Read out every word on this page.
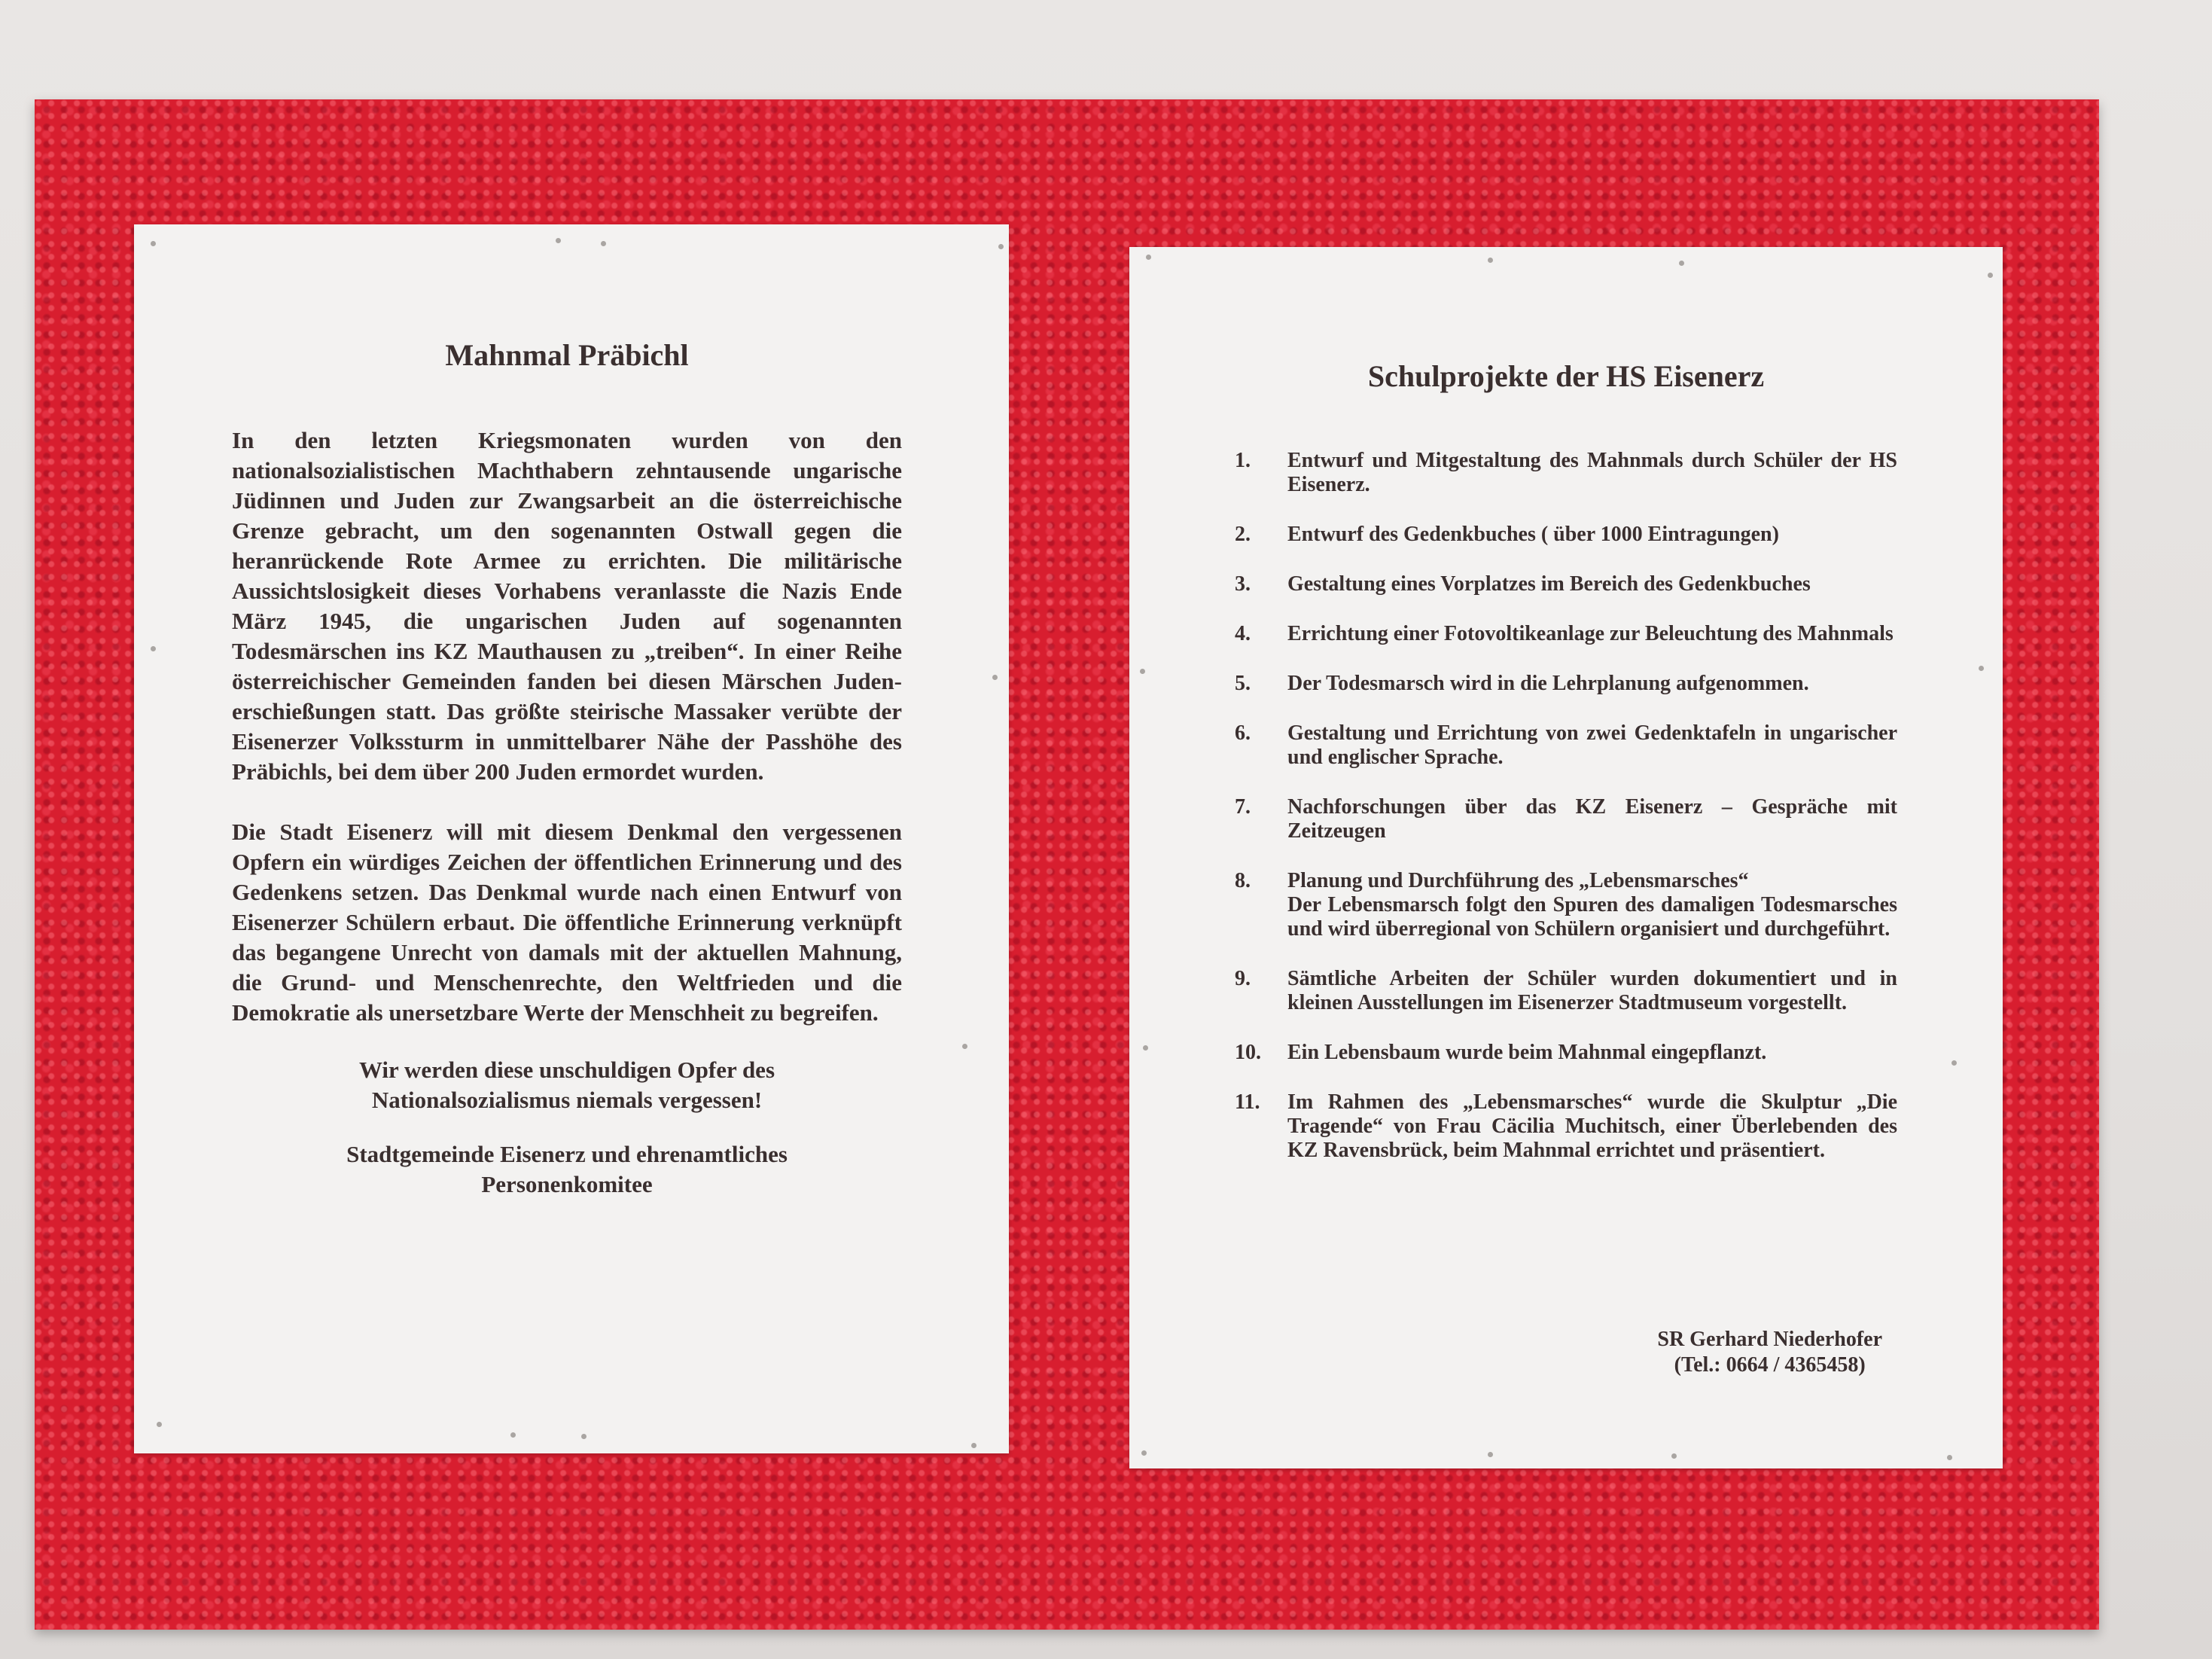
Mahnmal Präbichl

In den letzten Kriegsmonaten wurden von den nationalsozialistischen Machthabern zehntausende ungarische Jüdinnen und Juden zur Zwangsarbeit an die österreichische Grenze gebracht, um den sogenannten Ostwall gegen die heranrückende Rote Armee zu errichten. Die militärische Aussichtslosigkeit dieses Vorhabens veranlasste die Nazis Ende März 1945, die ungarischen Juden auf sogenannten Todesmärschen ins KZ Mauthausen zu „treiben“. In einer Reihe österreichischer Gemeinden fanden bei diesen Märschen Juden-erschießungen statt. Das größte steirische Massaker verübte der Eisenerzer Volkssturm in unmittelbarer Nähe der Passhöhe des Präbichls, bei dem über 200 Juden ermordet wurden.

Die Stadt Eisenerz will mit diesem Denkmal den vergessenen Opfern ein würdiges Zeichen der öffentlichen Erinnerung und des Gedenkens setzen. Das Denkmal wurde nach einen Entwurf von Eisenerzer Schülern erbaut. Die öffentliche Erinnerung verknüpft das begangene Unrecht von damals mit der aktuellen Mahnung, die Grund- und Menschenrechte, den Weltfrieden und die Demokratie als unersetzbare Werte der Menschheit zu begreifen.

Wir werden diese unschuldigen Opfer des

Nationalsozialismus niemals vergessen!

Stadtgemeinde Eisenerz und ehrenamtliches

Personenkomitee

Schulprojekte der HS Eisenerz
1.	Entwurf und Mitgestaltung des Mahnmals durch Schüler der HS Eisenerz.
2.	Entwurf des Gedenkbuches ( über 1000 Eintragungen)
3.	Gestaltung eines Vorplatzes im Bereich des Gedenkbuches
4.	Errichtung einer Fotovoltikeanlage zur Beleuchtung des Mahnmals
5.	Der Todesmarsch wird in die Lehrplanung aufgenommen.
6.	Gestaltung und Errichtung von zwei Gedenktafeln in ungarischer und englischer Sprache.
7.	Nachforschungen über das KZ Eisenerz – Gespräche mit Zeitzeugen
8.	Planung und Durchführung des „Lebensmarsches“
Der Lebensmarsch folgt den Spuren des damaligen Todesmarsches und wird überregional von Schülern organisiert und durchgeführt.
9.	Sämtliche Arbeiten der Schüler wurden dokumentiert und in kleinen Ausstellungen im Eisenerzer Stadtmuseum vorgestellt.
10.	Ein Lebensbaum wurde beim Mahnmal eingepflanzt.
11.	Im Rahmen des „Lebensmarsches“ wurde die Skulptur „Die Tragende“ von Frau Cäcilia Muchitsch, einer Überlebenden des KZ Ravensbrück, beim Mahnmal errichtet und präsentiert.
SR Gerhard Niederhofer
(Tel.: 0664 / 4365458)
